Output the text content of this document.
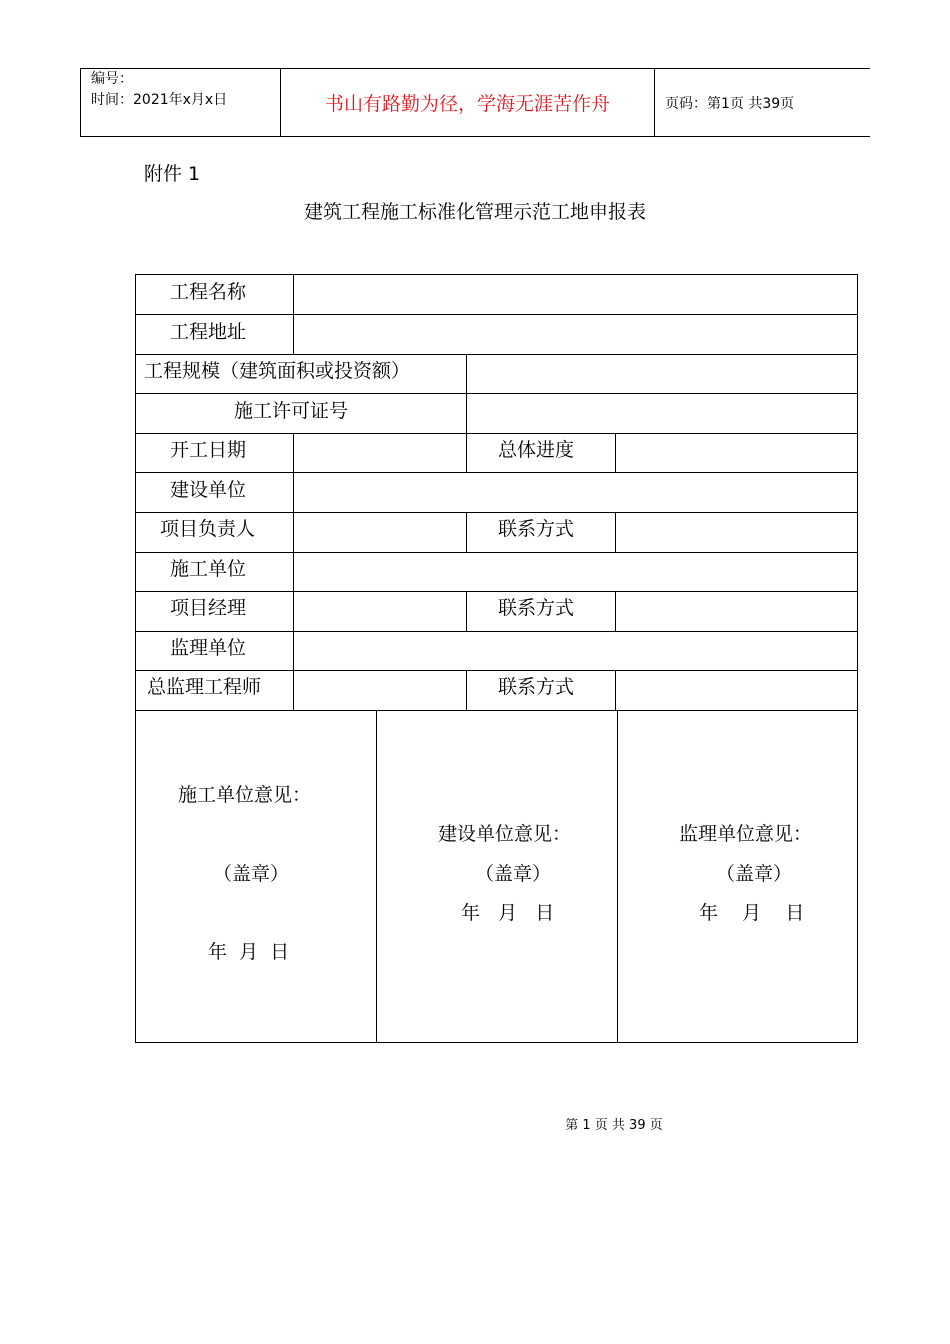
编号：
时间：2021年x月x日	书山有路勤为径，学海无涯苦作舟	页码：第1页 共39页
附件 1
建筑工程施工标准化管理示范工地申报表
工程名称
工程地址
工程规模（建筑面积或投资额）
施工许可证号
开工日期	总体进度
建设单位
项目负责人	联系方式
施工单位
项目经理	联系方式
监理单位
总监理工程师	联系方式
施工单位意见：
（盖章）
年  月  日
建设单位意见：
（盖章）
年   月   日
监理单位意见：
（盖章）
年    月    日
第 1 页 共 39 页
